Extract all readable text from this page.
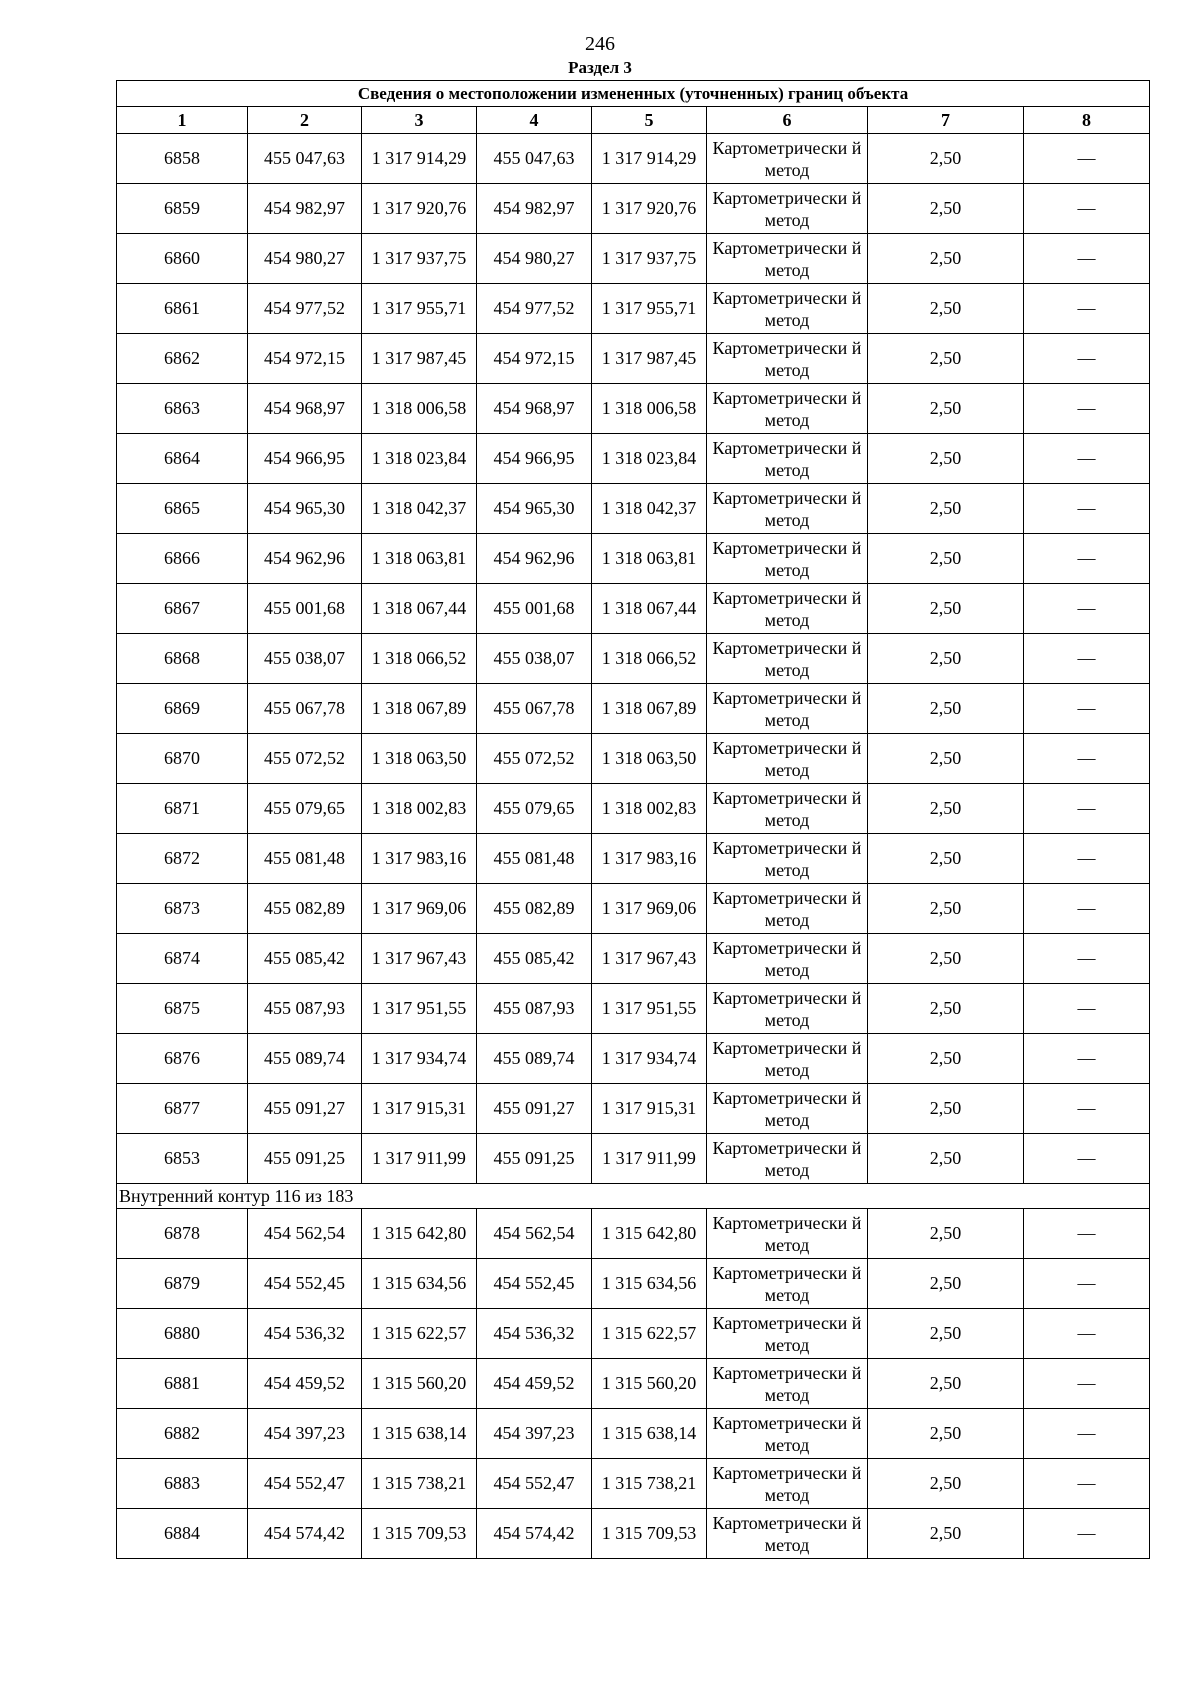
246
Раздел 3
Сведения о местоположении измененных (уточненных) границ объекта							
1	2	3	4	5	6	7	8
6858	455 047,63	1 317 914,29	455 047,63	1 317 914,29	Картометрически й метод	2,50	—
6859	454 982,97	1 317 920,76	454 982,97	1 317 920,76	Картометрически й метод	2,50	—
6860	454 980,27	1 317 937,75	454 980,27	1 317 937,75	Картометрически й метод	2,50	—
6861	454 977,52	1 317 955,71	454 977,52	1 317 955,71	Картометрически й метод	2,50	—
6862	454 972,15	1 317 987,45	454 972,15	1 317 987,45	Картометрически й метод	2,50	—
6863	454 968,97	1 318 006,58	454 968,97	1 318 006,58	Картометрически й метод	2,50	—
6864	454 966,95	1 318 023,84	454 966,95	1 318 023,84	Картометрически й метод	2,50	—
6865	454 965,30	1 318 042,37	454 965,30	1 318 042,37	Картометрически й метод	2,50	—
6866	454 962,96	1 318 063,81	454 962,96	1 318 063,81	Картометрически й метод	2,50	—
6867	455 001,68	1 318 067,44	455 001,68	1 318 067,44	Картометрически й метод	2,50	—
6868	455 038,07	1 318 066,52	455 038,07	1 318 066,52	Картометрически й метод	2,50	—
6869	455 067,78	1 318 067,89	455 067,78	1 318 067,89	Картометрически й метод	2,50	—
6870	455 072,52	1 318 063,50	455 072,52	1 318 063,50	Картометрически й метод	2,50	—
6871	455 079,65	1 318 002,83	455 079,65	1 318 002,83	Картометрически й метод	2,50	—
6872	455 081,48	1 317 983,16	455 081,48	1 317 983,16	Картометрически й метод	2,50	—
6873	455 082,89	1 317 969,06	455 082,89	1 317 969,06	Картометрически й метод	2,50	—
6874	455 085,42	1 317 967,43	455 085,42	1 317 967,43	Картометрически й метод	2,50	—
6875	455 087,93	1 317 951,55	455 087,93	1 317 951,55	Картометрически й метод	2,50	—
6876	455 089,74	1 317 934,74	455 089,74	1 317 934,74	Картометрически й метод	2,50	—
6877	455 091,27	1 317 915,31	455 091,27	1 317 915,31	Картометрически й метод	2,50	—
6853	455 091,25	1 317 911,99	455 091,25	1 317 911,99	Картометрически й метод	2,50	—
Внутренний контур 116 из 183							
6878	454 562,54	1 315 642,80	454 562,54	1 315 642,80	Картометрически й метод	2,50	—
6879	454 552,45	1 315 634,56	454 552,45	1 315 634,56	Картометрически й метод	2,50	—
6880	454 536,32	1 315 622,57	454 536,32	1 315 622,57	Картометрически й метод	2,50	—
6881	454 459,52	1 315 560,20	454 459,52	1 315 560,20	Картометрически й метод	2,50	—
6882	454 397,23	1 315 638,14	454 397,23	1 315 638,14	Картометрически й метод	2,50	—
6883	454 552,47	1 315 738,21	454 552,47	1 315 738,21	Картометрически й метод	2,50	—
6884	454 574,42	1 315 709,53	454 574,42	1 315 709,53	Картометрически й метод	2,50	—
